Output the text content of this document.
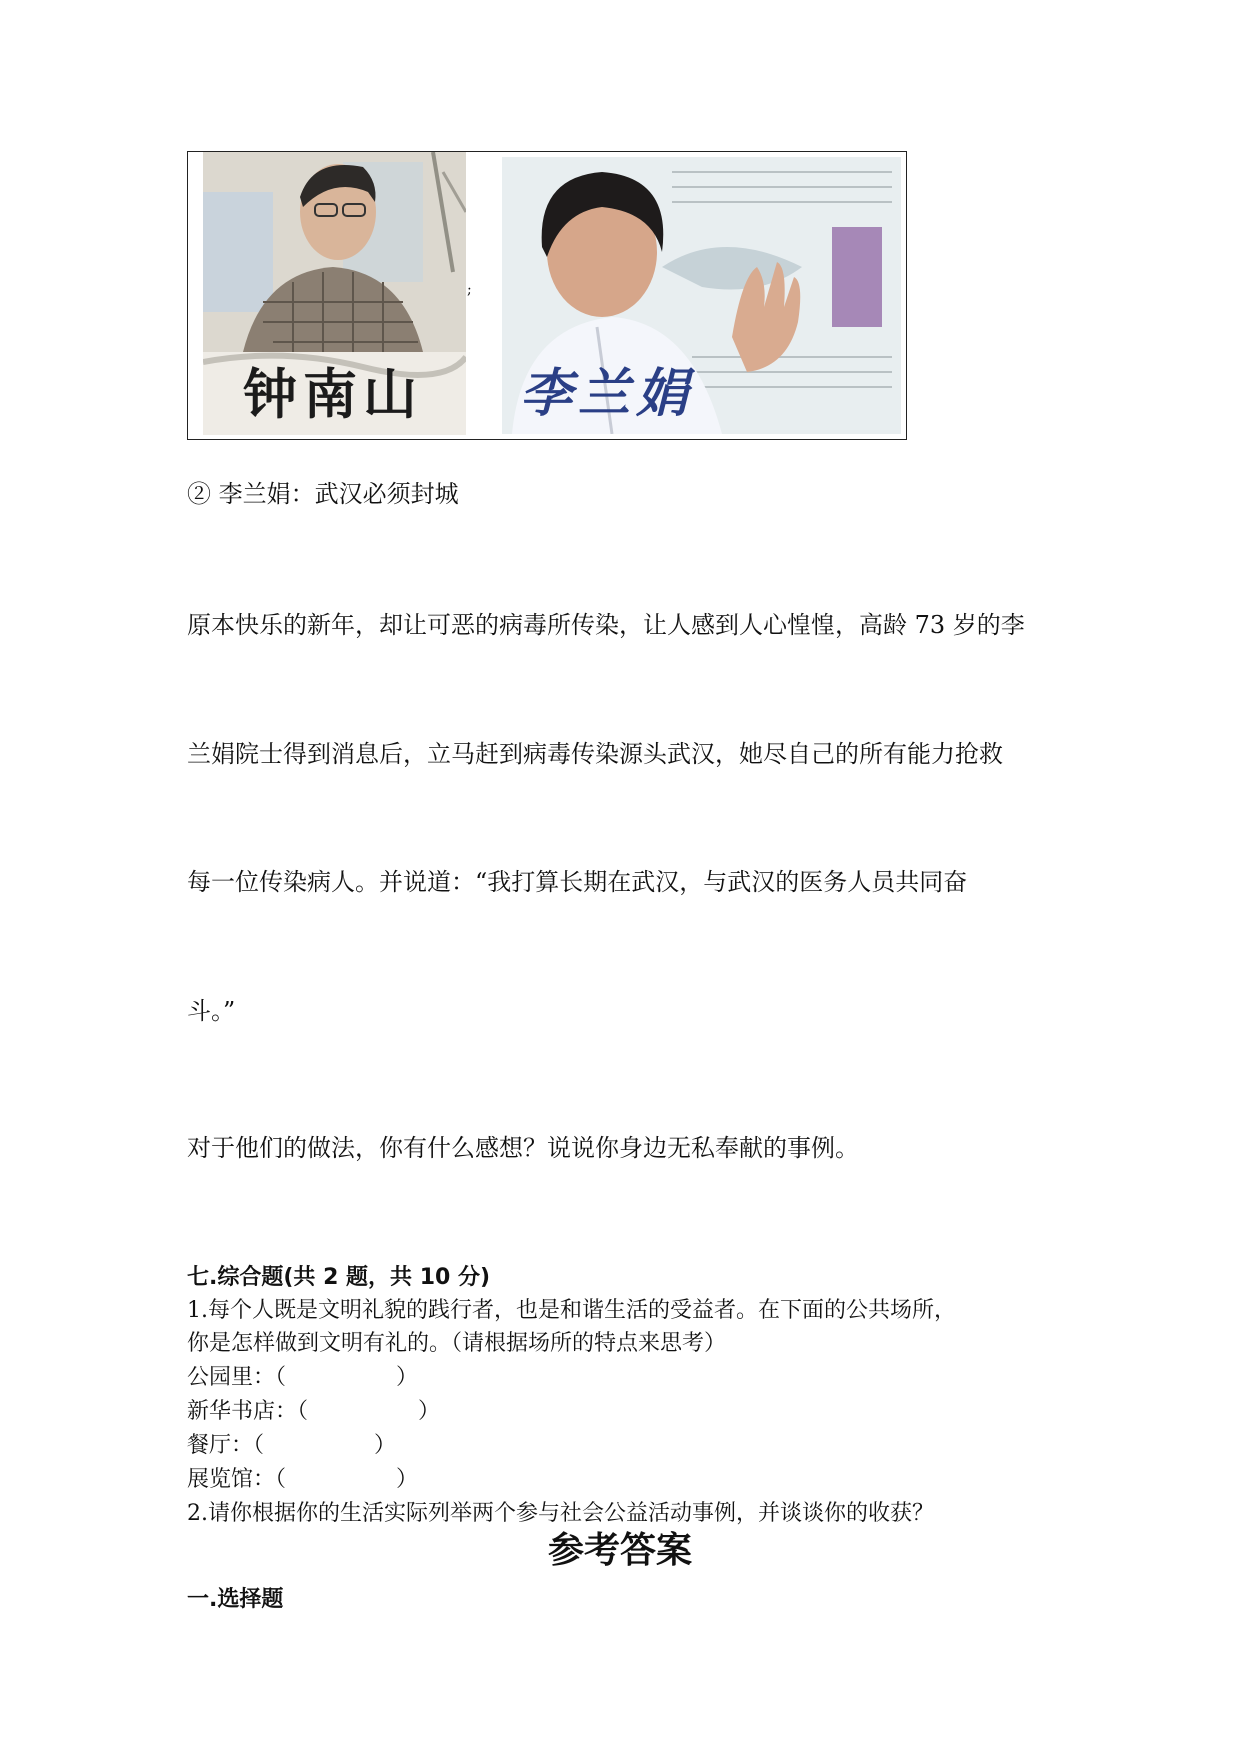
钟南山
;
李兰娟
② 李兰娟：武汉必须封城
原本快乐的新年，却让可恶的病毒所传染，让人感到人心惶惶，高龄 73 岁的李
兰娟院士得到消息后，立马赶到病毒传染源头武汉，她尽自己的所有能力抢救
每一位传染病人。并说道：“我打算长期在武汉，与武汉的医务人员共同奋
斗。”
对于他们的做法，你有什么感想？说说你身边无私奉献的事例。
七.综合题(共 2 题，共 10 分)
1.每个人既是文明礼貌的践行者，也是和谐生活的受益者。在下面的公共场所，
你是怎样做到文明有礼的。（请根据场所的特点来思考）
公园里：（　　　　　）
新华书店：（　　　　　）
餐厅：（　　　　　）
展览馆：（　　　　　）
2.请你根据你的生活实际列举两个参与社会公益活动事例，并谈谈你的收获？
参考答案
一.选择题
